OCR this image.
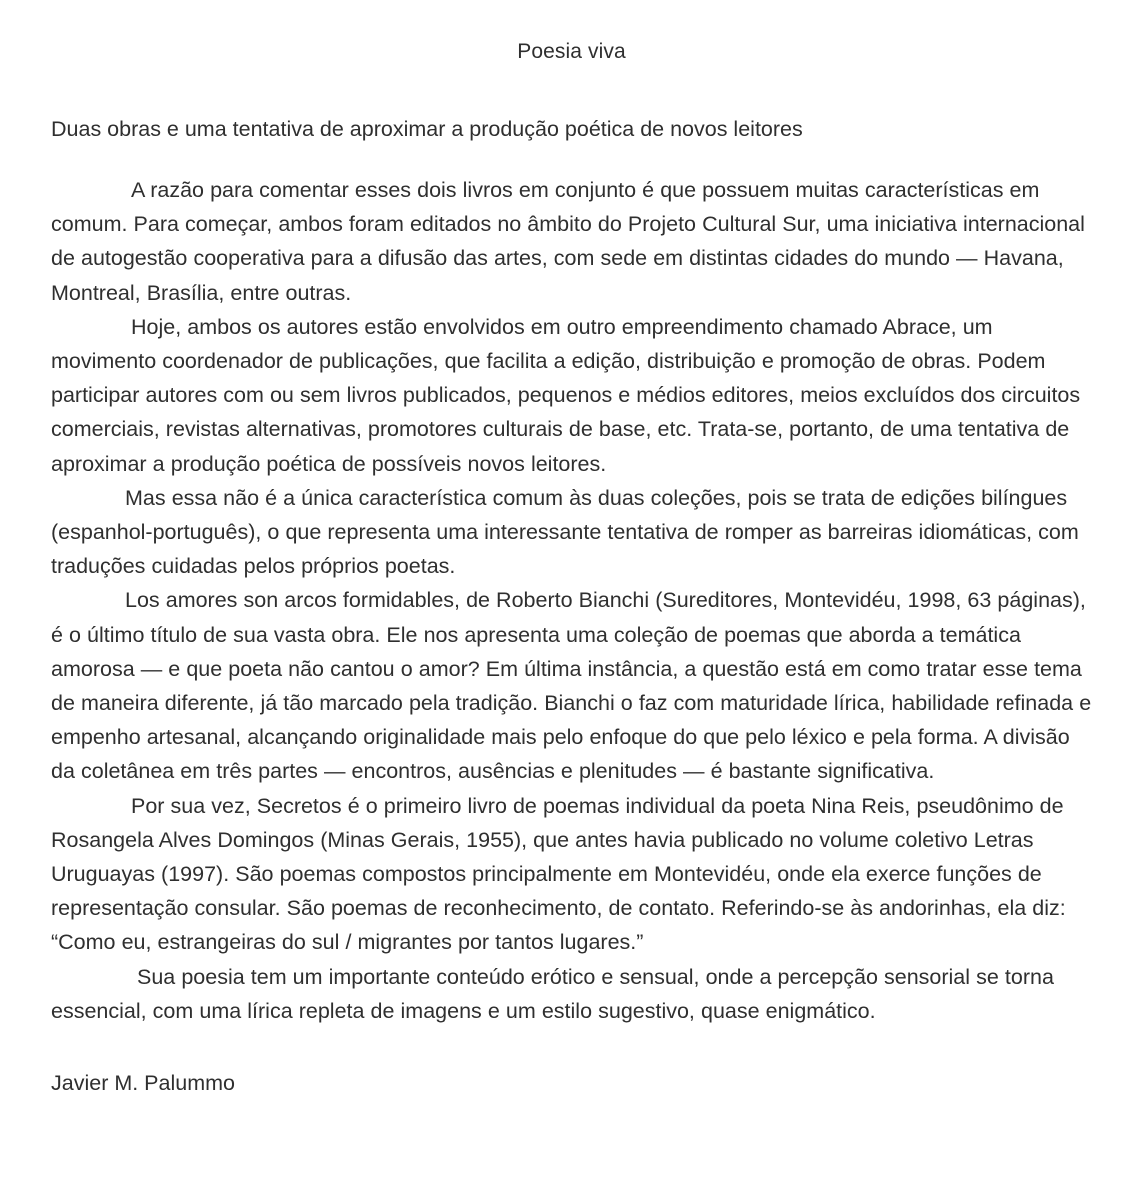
Poesia viva

Duas obras e uma tentativa de aproximar a produção poética de novos leitores

A razão para comentar esses dois livros em conjunto é que possuem muitas características em comum. Para começar, ambos foram editados no âmbito do Projeto Cultural Sur, uma iniciativa internacional de autogestão cooperativa para a difusão das artes, com sede em distintas cidades do mundo — Havana, Montreal, Brasília, entre outras.

Hoje, ambos os autores estão envolvidos em outro empreendimento chamado Abrace, um movimento coordenador de publicações, que facilita a edição, distribuição e promoção de obras. Podem participar autores com ou sem livros publicados, pequenos e médios editores, meios excluídos dos circuitos comerciais, revistas alternativas, promotores culturais de base, etc. Trata-se, portanto, de uma tentativa de aproximar a produção poética de possíveis novos leitores.

Mas essa não é a única característica comum às duas coleções, pois se trata de edições bilíngues (espanhol-português), o que representa uma interessante tentativa de romper as barreiras idiomáticas, com traduções cuidadas pelos próprios poetas.

Los amores son arcos formidables, de Roberto Bianchi (Sureditores, Montevidéu, 1998, 63 páginas), é o último título de sua vasta obra. Ele nos apresenta uma coleção de poemas que aborda a temática amorosa — e que poeta não cantou o amor? Em última instância, a questão está em como tratar esse tema de maneira diferente, já tão marcado pela tradição. Bianchi o faz com maturidade lírica, habilidade refinada e empenho artesanal, alcançando originalidade mais pelo enfoque do que pelo léxico e pela forma. A divisão da coletânea em três partes — encontros, ausências e plenitudes — é bastante significativa.

Por sua vez, Secretos é o primeiro livro de poemas individual da poeta Nina Reis, pseudônimo de Rosangela Alves Domingos (Minas Gerais, 1955), que antes havia publicado no volume coletivo Letras Uruguayas (1997). São poemas compostos principalmente em Montevidéu, onde ela exerce funções de representação consular. São poemas de reconhecimento, de contato. Referindo-se às andorinhas, ela diz: “Como eu, estrangeiras do sul / migrantes por tantos lugares.”

Sua poesia tem um importante conteúdo erótico e sensual, onde a percepção sensorial se torna essencial, com uma lírica repleta de imagens e um estilo sugestivo, quase enigmático.

Javier M. Palummo
